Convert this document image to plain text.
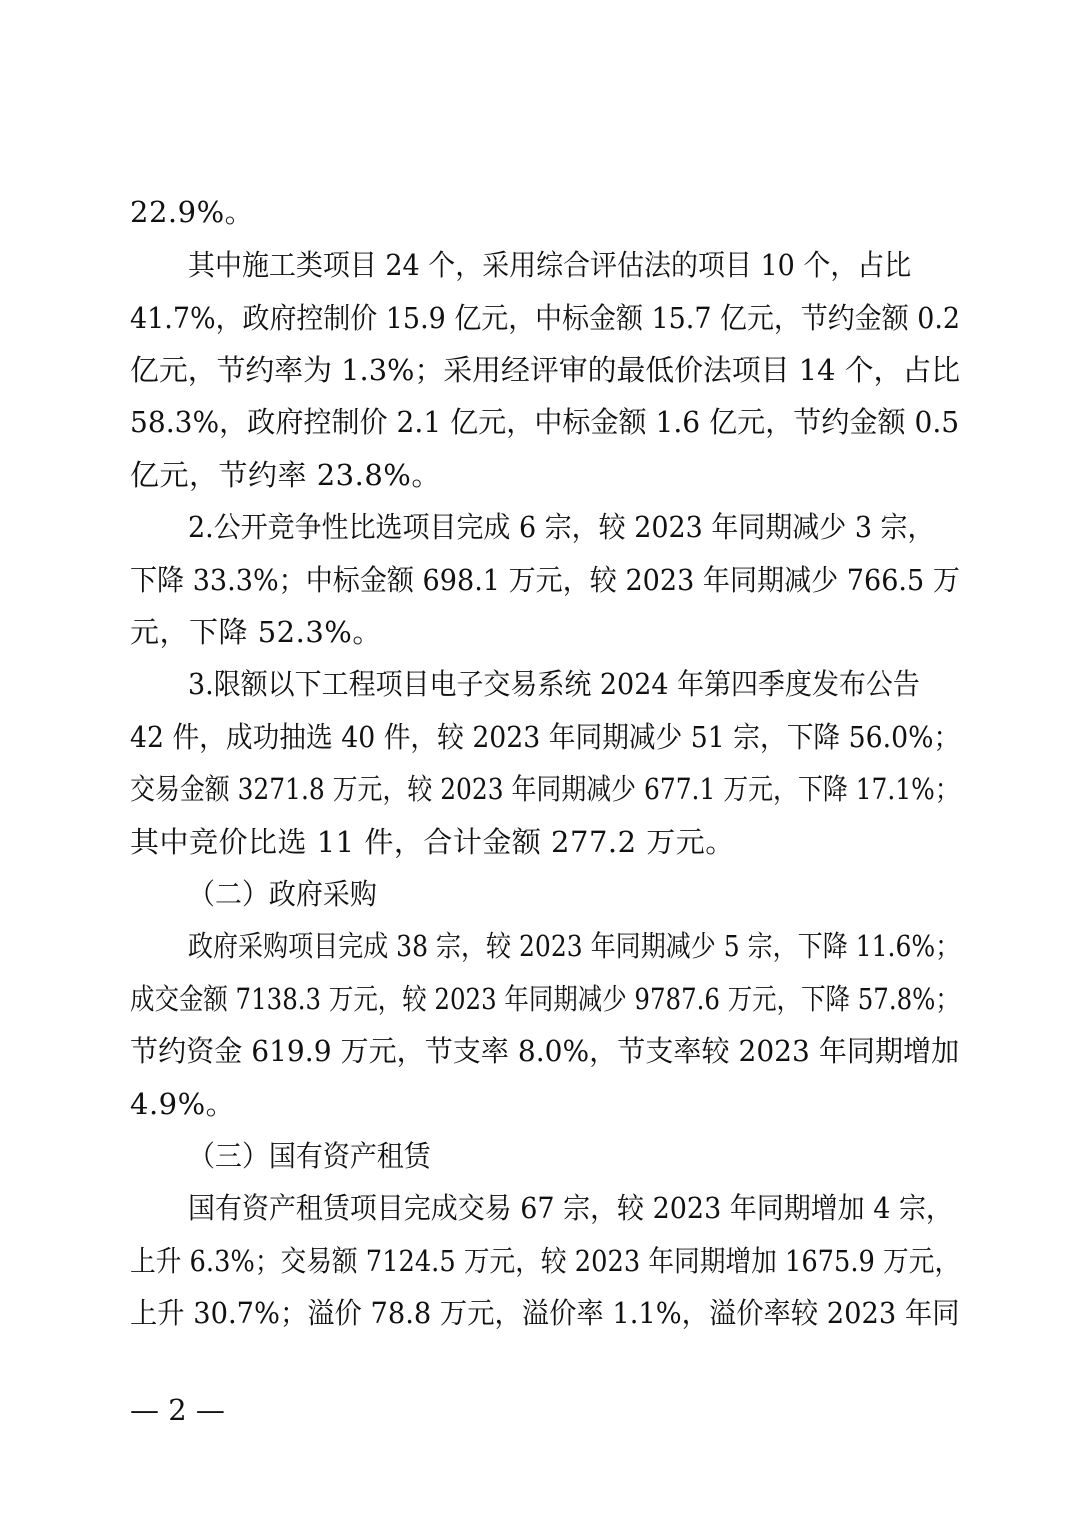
22.9%。
其中施工类项目 24 个，采用综合评估法的项目 10 个，占比
41.7%，政府控制价 15.9 亿元，中标金额 15.7 亿元，节约金额 0.2
亿元，节约率为 1.3%；采用经评审的最低价法项目 14 个，占比
58.3%，政府控制价 2.1 亿元，中标金额 1.6 亿元，节约金额 0.5
亿元，节约率 23.8%。
2.公开竞争性比选项目完成 6 宗，较 2023 年同期减少 3 宗，
下降 33.3%；中标金额 698.1 万元，较 2023 年同期减少 766.5 万
元，下降 52.3%。
3.限额以下工程项目电子交易系统 2024 年第四季度发布公告
42 件，成功抽选 40 件，较 2023 年同期减少 51 宗，下降 56.0%；
交易金额 3271.8 万元，较 2023 年同期减少 677.1 万元，下降 17.1%；
其中竞价比选 11 件，合计金额 277.2 万元。
（二）政府采购
政府采购项目完成 38 宗，较 2023 年同期减少 5 宗，下降 11.6%；
成交金额 7138.3 万元，较 2023 年同期减少 9787.6 万元，下降 57.8%；
节约资金 619.9 万元，节支率 8.0%，节支率较 2023 年同期增加
4.9%。
（三）国有资产租赁
国有资产租赁项目完成交易 67 宗，较 2023 年同期增加 4 宗，
上升 6.3%；交易额 7124.5 万元，较 2023 年同期增加 1675.9 万元，
上升 30.7%；溢价 78.8 万元，溢价率 1.1%，溢价率较 2023 年同
— 2 —
